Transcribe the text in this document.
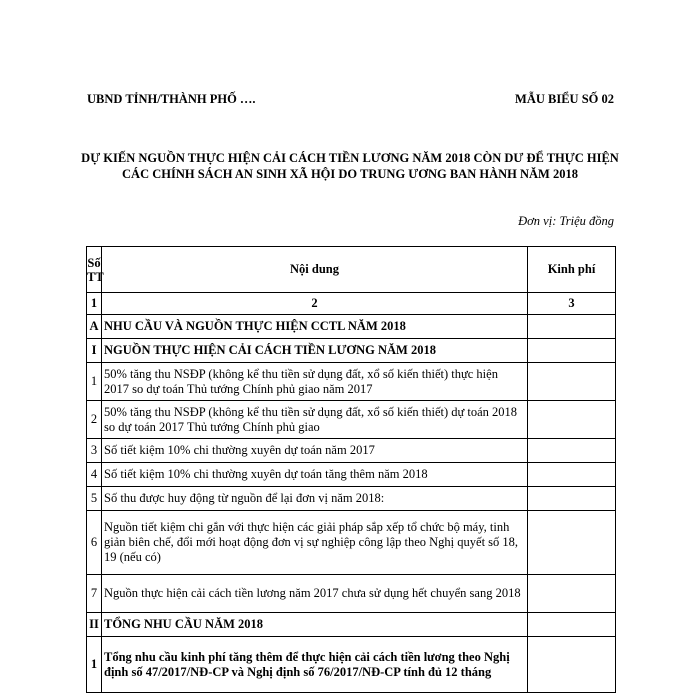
UBND TỈNH/THÀNH PHỐ ….	MẪU BIỂU SỐ 02
DỰ KIẾN NGUỒN THỰC HIỆN CẢI CÁCH TIỀN LƯƠNG NĂM 2018 CÒN DƯ ĐỂ THỰC HIỆN CÁC CHÍNH SÁCH AN SINH XÃ HỘI DO TRUNG ƯƠNG BAN HÀNH NĂM 2018
Đơn vị: Triệu đồng
Số TT	Nội dung	Kinh phí
1	2	3
A	NHU CẦU VÀ NGUỒN THỰC HIỆN CCTL NĂM 2018	
I	NGUỒN THỰC HIỆN CẢI CÁCH TIỀN LƯƠNG NĂM 2018	
1	50% tăng thu NSĐP (không kể thu tiền sử dụng đất, xổ số kiến thiết) thực hiện 2017 so dự toán Thủ tướng Chính phủ giao năm 2017	
2	50% tăng thu NSĐP (không kể thu tiền sử dụng đất, xổ số kiến thiết) dự toán 2018 so dự toán 2017 Thủ tướng Chính phủ giao	
3	Số tiết kiệm 10% chi thường xuyên dự toán năm 2017	
4	Số tiết kiệm 10% chi thường xuyên dự toán tăng thêm năm 2018	
5	Số thu được huy động từ nguồn để lại đơn vị năm 2018:	
6	Nguồn tiết kiệm chi gắn với thực hiện các giải pháp sắp xếp tổ chức bộ máy, tinh giản biên chế, đổi mới hoạt động đơn vị sự nghiệp công lập theo Nghị quyết số 18, 19 (nếu có)	
7	Nguồn thực hiện cải cách tiền lương năm 2017 chưa sử dụng hết chuyển sang 2018	
II	TỔNG NHU CẦU NĂM 2018	
1	Tổng nhu cầu kinh phí tăng thêm để thực hiện cải cách tiền lương theo Nghị định số 47/2017/NĐ-CP và Nghị định số 76/2017/NĐ-CP tính đủ 12 tháng	
